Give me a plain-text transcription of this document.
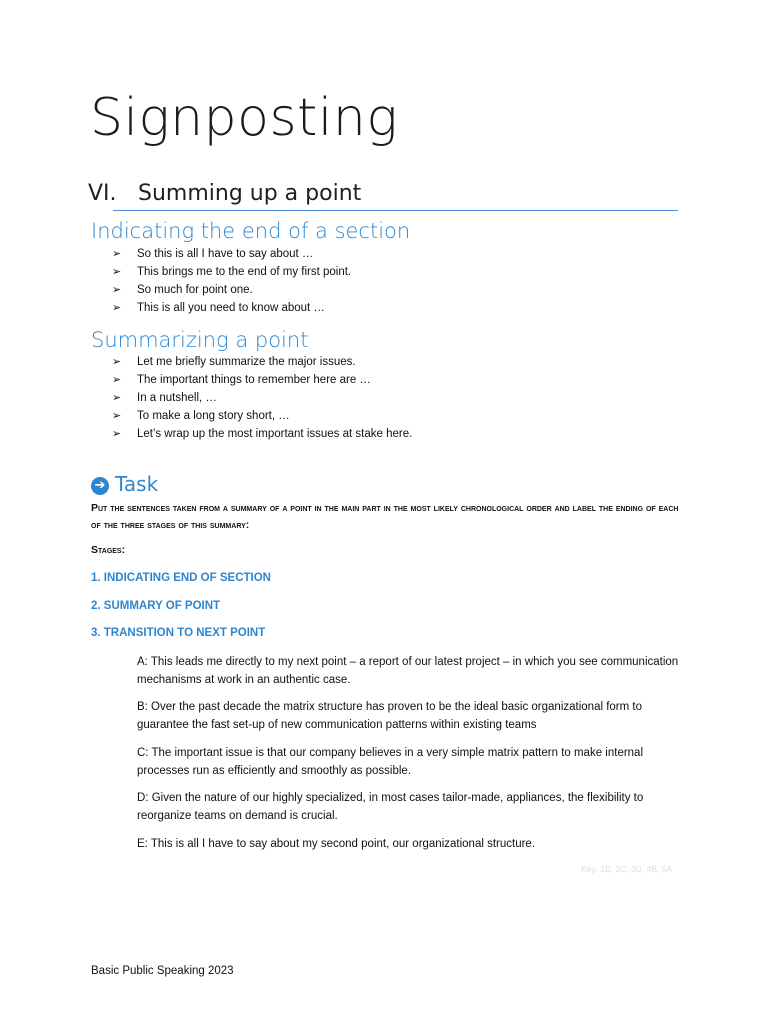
Signposting
VI. Summing up a point
Indicating the end of a section
➢ So this is all I have to say about …
➢ This brings me to the end of my first point.
➢ So much for point one.
➢ This is all you need to know about …
Summarizing a point
➢ Let me briefly summarize the major issues.
➢ The important things to remember here are …
➢ In a nutshell, …
➢ To make a long story short, …
➢ Let’s wrap up the most important issues at stake here.
➔ Task
Put the sentences taken from a summary of a point in the main part in the most likely chronological order and label the ending of each of the three stages of this summary:
Stages:
1. INDICATING END OF SECTION
2. SUMMARY OF POINT
3. TRANSITION TO NEXT POINT
A: This leads me directly to my next point – a report of our latest project – in which you see communication mechanisms at work in an authentic case.
B: Over the past decade the matrix structure has proven to be the ideal basic organizational form to guarantee the fast set-up of new communication patterns within existing teams
C: The important issue is that our company believes in a very simple matrix pattern to make internal processes run as efficiently and smoothly as possible.
D: Given the nature of our highly specialized, in most cases tailor-made, appliances, the flexibility to reorganize teams on demand is crucial.
E: This is all I have to say about my second point, our organizational structure.
Key: 1E, 2C, 3D, 4B, 5A
Basic Public Speaking 2023
